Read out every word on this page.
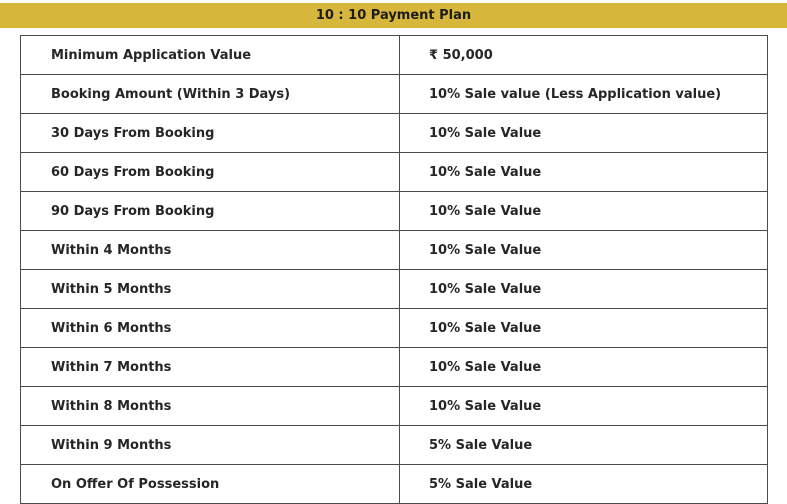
10 : 10 Payment Plan
Minimum Application Value	₹ 50,000
Booking Amount (Within 3 Days)	10% Sale value (Less Application value)
30 Days From Booking	10% Sale Value
60 Days From Booking	10% Sale Value
90 Days From Booking	10% Sale Value
Within 4 Months	10% Sale Value
Within 5 Months	10% Sale Value
Within 6 Months	10% Sale Value
Within 7 Months	10% Sale Value
Within 8 Months	10% Sale Value
Within 9 Months	5% Sale Value
On Offer Of Possession	5% Sale Value
